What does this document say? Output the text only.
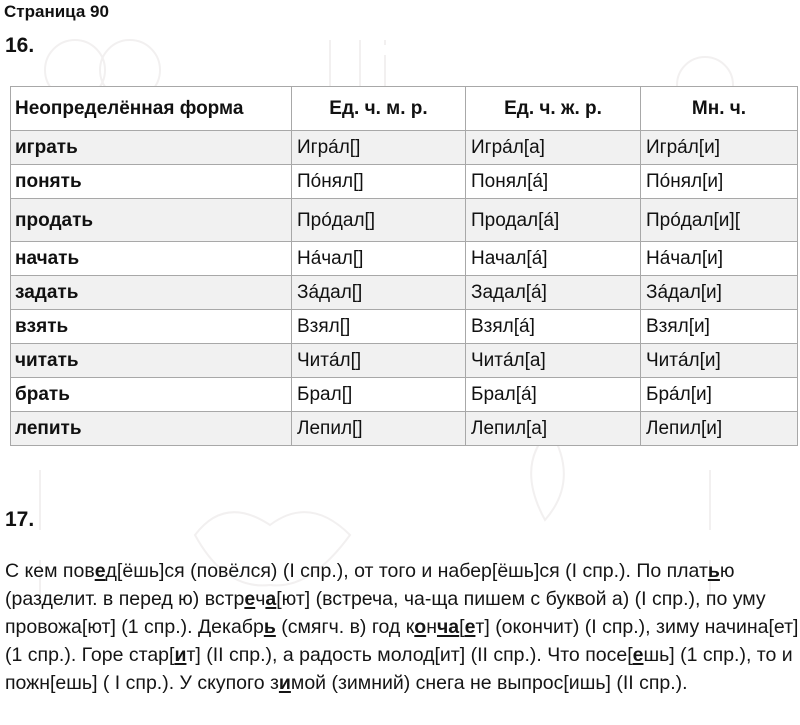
Страница 90
16.
Неопределённая форма	Ед. ч. м. р.	Ед. ч. ж. р.	Мн. ч.
играть	Игрáл[]	Игрáл[а]	Игрáл[и]
понять	Пóнял[]	Понял[á]	Пóнял[и]
продать	Прóдал[]	Продал[á]	Прóдал[и][
начать	Нáчал[]	Начал[á]	Нáчал[и]
задать	Зáдал[]	Задал[á]	Зáдал[и]
взять	Взял[]	Взял[á]	Взял[и]
читать	Читáл[]	Читáл[а]	Читáл[и]
брать	Брал[]	Брал[á]	Брáл[и]
лепить	Лепил[]	Лепил[а]	Лепил[и]
17.
С кем повед[ёшь]ся (повёлся) (I спр.), от того и набер[ёшь]ся (I спр.). По платью (разделит. в перед ю) встреча[ют] (встреча, ча-ща пишем с буквой а) (I спр.), по уму провожа[ют] (1 спр.). Декабрь (смягч. в) год конча[ет] (окончит) (I спр.), зиму начина[ет] (1 спр.). Горе стар[ит] (II спр.), а радость молод[ит] (II спр.). Что посе[ешь] (1 спр.), то и пожн[ешь] ( I спр.). У скупого зимой (зимний) снега не выпрос[ишь] (II спр.).
